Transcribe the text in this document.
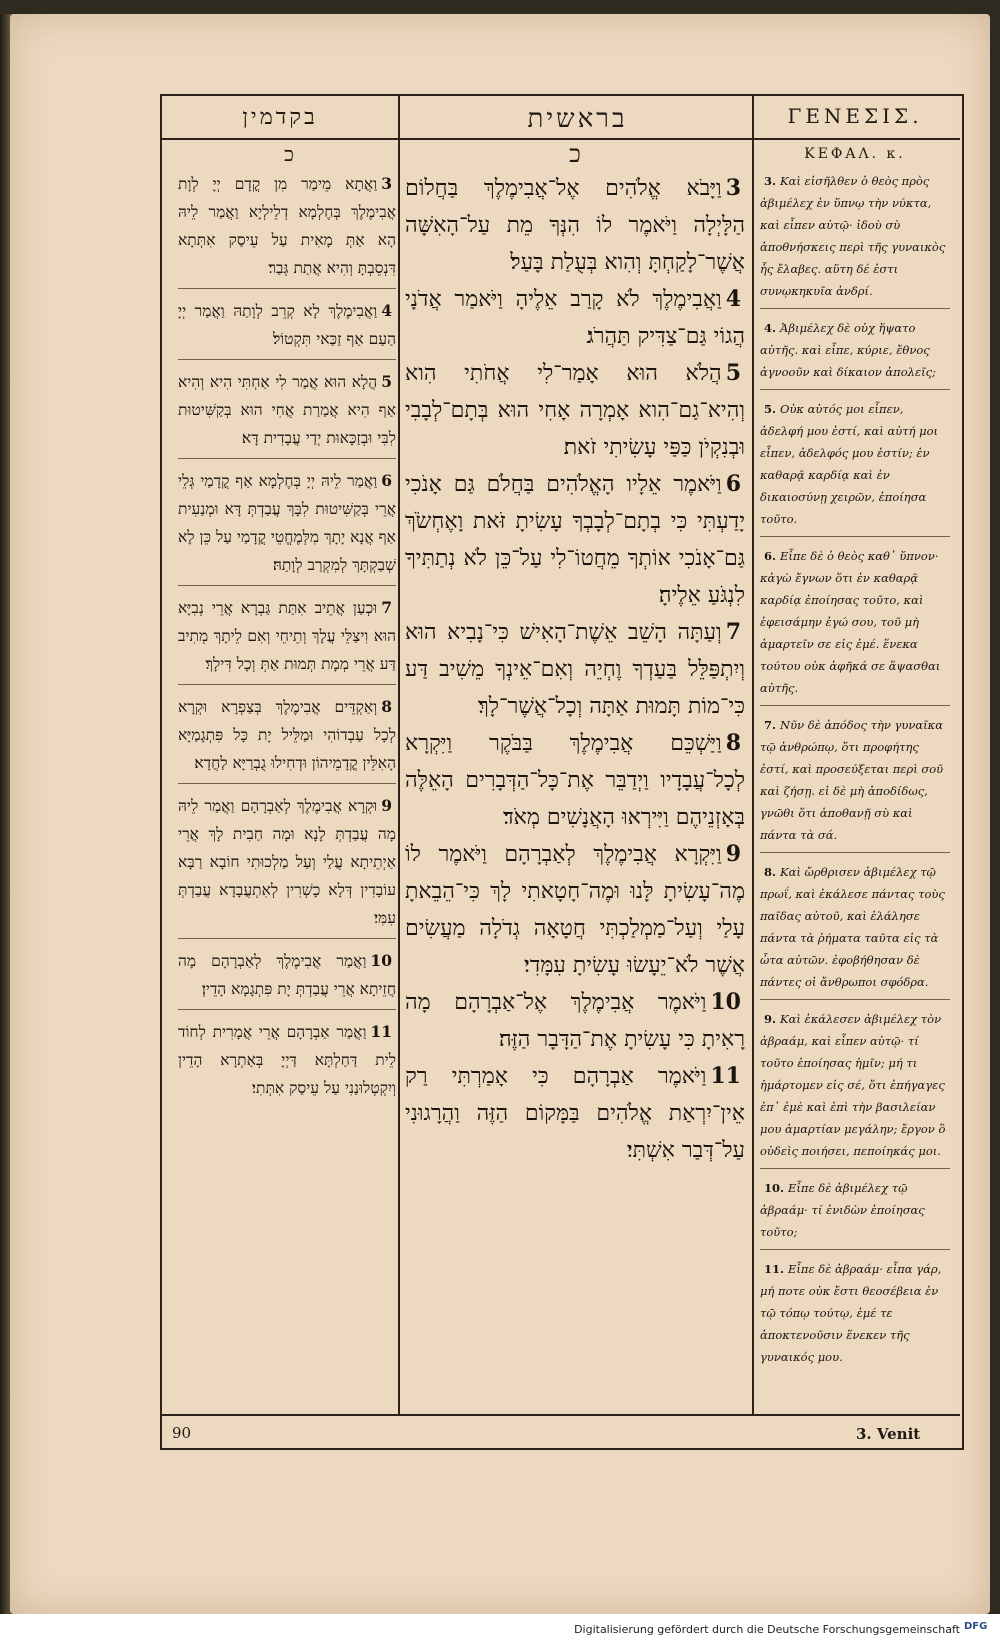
בקדמין	בראשית	ΓΕΝΕΣΙΣ.
כ	כ	ΚΕΦΑΛ. κ.
3וַאֲתָא מֵימַר מִן קֳדָם יְיָ לְוָת אֲבִימֶלֶךְ בְּחֶלְמָא דְלֵילְיָא וַאֲמַר לֵיהּ הָא אַתְּ מָאִית עַל עֵיסַק אִתְּתָא דִּנְסֵבְתָּ וְהִיא אֲתַת גְּבַר׃
4וַאֲבִימֶלֶךְ לָא קְרֵב לְוָתַהּ וַאֲמַר יְיָ הַעַם אַף זַכַּאי תִּקְטוֹל׃
5הֲלָא הוּא אֲמַר לִי אַחְתִּי הִיא וְהִיא אַף הִיא אֲמַרַת אֲחִי הוּא בְּקַשִּׁיטוּת לִבִּי וּבְזַכָּאוּת יְדַי עֲבָדִית דָּא׃
6וַאֲמַר לֵיהּ יְיָ בְּחֶלְמָא אַף קֳדָמַי גְּלֵי אֲרֵי בְּקַשִּׁיטוּת לִבָּךְ עֲבַדְתְּ דָּא וּמְנַעִית אַף אֲנָא יָתָךְ מִלְּמֶחֱטֵי קֳדָמַי עַל כֵּן לָא שְׁבַקְתָּךְ לְמִקְרַב לְוָתַהּ׃
7וּכְעַן אֲתֵיב אִתַּת גַּבְרָא אֲרֵי נְבִיָּא הוּא וִיצַלֵּי עֲלָךְ וְתֵיחֵי וְאִם לֵיתָךְ מְתִיב דַּע אֲרֵי מְמָת תְּמוּת אַתְּ וְכָל דִּילָךְ׃
8וְאַקְדֵּים אֲבִימֶלֶךְ בְּצַפְרָא וּקְרָא לְכָל עַבְדוֹהִי וּמַלֵּיל יָת כָּל פִּתְגָמַיָּא הָאִלֵּין קֳדָמֵיהוֹן וּדְחִילוּ גֻבְרַיָּא לַחֲדָא׃
9וּקְרָא אֲבִימֶלֶךְ לְאַבְרָהָם וַאֲמַר לֵיהּ מָה עֲבַדְתְּ לָנָא וּמָה חַבִית לָךְ אֲרֵי אַיְתֵיתָא עֲלַי וְעַל מַלְכוּתִי חוֹבָא רַבָּא עוֹבָדִין דְּלָא כָשְׁרִין לְאִתְעֲבָדָא עֲבַדְתְּ עִמִּי׃
10וַאֲמַר אֲבִימֶלֶךְ לְאַבְרָהָם מָה חֲזֵיתָא אֲרֵי עֲבַדְתְּ יָת פִּתְגָמָא הָדֵין׃
11וַאֲמַר אַבְרָהָם אֲרֵי אֲמָרִית לְחוֹד לֵית דַּחַלְתָּא דַּיְיָ בְּאַתְרָא הָדֵין וְיִקְטְלוּנַנִי עַל עֵיסַק אִתְּתִי׃
3וַיָּבֹא אֱלֹהִים אֶל־אֲבִימֶלֶךְ בַּחֲלוֹם הַלָּיְלָה וַיֹּאמֶר לוֹ הִנְּךָ מֵת עַל־הָאִשָּׁה אֲשֶׁר־לָקַחְתָּ וְהִוא בְּעֻלַת בָּעַל׃
4וַאֲבִימֶלֶךְ לֹא קָרַב אֵלֶיהָ וַיֹּאמַר אֲדֹנָי הֲגוֹי גַּם־צַדִּיק תַּהֲרֹג׃
5הֲלֹא הוּא אָמַר־לִי אֲחֹתִי הִוא וְהִיא־גַם־הִוא אָמְרָה אָחִי הוּא בְּתָם־לְבָבִי וּבְנִקְיֹן כַּפַּי עָשִׂיתִי זֹאת׃
6וַיֹּאמֶר אֵלָיו הָאֱלֹהִים בַּחֲלֹם גַּם אָנֹכִי יָדַעְתִּי כִּי בְתָם־לְבָבְךָ עָשִׂיתָ זֹּאת וָאֶחְשֹׂךְ גַּם־אָנֹכִי אוֹתְךָ מֵחֲטוֹ־לִי עַל־כֵּן לֹא נְתַתִּיךָ לִנְגֹּעַ אֵלֶיהָ׃
7וְעַתָּה הָשֵׁב אֵשֶׁת־הָאִישׁ כִּי־נָבִיא הוּא וְיִתְפַּלֵּל בַּעַדְךָ וֶחְיֵה וְאִם־אֵינְךָ מֵשִׁיב דַּע כִּי־מוֹת תָּמוּת אַתָּה וְכָל־אֲשֶׁר־לָךְ׃
8וַיַּשְׁכֵּם אֲבִימֶלֶךְ בַּבֹּקֶר וַיִּקְרָא לְכָל־עֲבָדָיו וַיְדַבֵּר אֶת־כָּל־הַדְּבָרִים הָאֵלֶּה בְּאָזְנֵיהֶם וַיִּירְאוּ הָאֲנָשִׁים מְאֹד׃
9וַיִּקְרָא אֲבִימֶלֶךְ לְאַבְרָהָם וַיֹּאמֶר לוֹ מֶה־עָשִׂיתָ לָּנוּ וּמֶה־חָטָאתִי לָךְ כִּי־הֵבֵאתָ עָלַי וְעַל־מַמְלַכְתִּי חֲטָאָה גְדֹלָה מַעֲשִׂים אֲשֶׁר לֹא־יֵעָשׂוּ עָשִׂיתָ עִמָּדִי׃
10וַיֹּאמֶר אֲבִימֶלֶךְ אֶל־אַבְרָהָם מָה רָאִיתָ כִּי עָשִׂיתָ אֶת־הַדָּבָר הַזֶּה׃
11וַיֹּאמֶר אַבְרָהָם כִּי אָמַרְתִּי רַק אֵין־יִרְאַת אֱלֹהִים בַּמָּקוֹם הַזֶּה וַהֲרָגוּנִי עַל־דְּבַר אִשְׁתִּי׃
3. Καὶ εἰσῆλθεν ὁ θεὸς πρὸς ἀβιμέλεχ ἐν ὕπνῳ τὴν νύκτα, καὶ εἶπεν αὐτῷ· ἰδοὺ σὺ ἀποθνήσκεις περὶ τῆς γυναικὸς ἧς ἔλαβες. αὕτη δέ ἐστι συνῳκηκυῖα ἀνδρί.
4. Ἀβιμέλεχ δὲ οὐχ ἥψατο αὐτῆς. καὶ εἶπε, κύριε, ἔθνος ἀγνοοῦν καὶ δίκαιον ἀπολεῖς;
5. Οὐκ αὐτός μοι εἶπεν, ἀδελφή μου ἐστί, καὶ αὐτή μοι εἶπεν, ἀδελφός μου ἐστίν; ἐν καθαρᾷ καρδίᾳ καὶ ἐν δικαιοσύνῃ χειρῶν, ἐποίησα τοῦτο.
6. Εἶπε δὲ ὁ θεὸς καθ᾽ ὕπνον· κἀγὼ ἔγνων ὅτι ἐν καθαρᾷ καρδίᾳ ἐποίησας τοῦτο, καὶ ἐφεισάμην ἐγώ σου, τοῦ μὴ ἁμαρτεῖν σε εἰς ἐμέ. ἕνεκα τούτου οὐκ ἀφῆκά σε ἅψασθαι αὐτῆς.
7. Νῦν δὲ ἀπόδος τὴν γυναῖκα τῷ ἀνθρώπῳ, ὅτι προφήτης ἐστί, καὶ προσεύξεται περὶ σοῦ καὶ ζήσῃ. εἰ δὲ μὴ ἀποδίδως, γνῶθι ὅτι ἀποθανῇ σὺ καὶ πάντα τὰ σά.
8. Καὶ ὤρθρισεν ἀβιμέλεχ τῷ πρωΐ, καὶ ἐκάλεσε πάντας τοὺς παῖδας αὐτοῦ, καὶ ἐλάλησε πάντα τὰ ῥήματα ταῦτα εἰς τὰ ὦτα αὐτῶν. ἐφοβήθησαν δὲ πάντες οἱ ἄνθρωποι σφόδρα.
9. Καὶ ἐκάλεσεν ἀβιμέλεχ τὸν ἀβραάμ, καὶ εἶπεν αὐτῷ· τί τοῦτο ἐποίησας ἡμῖν; μή τι ἡμάρτομεν εἰς σέ, ὅτι ἐπήγαγες ἐπ᾽ ἐμὲ καὶ ἐπὶ τὴν βασιλείαν μου ἁμαρτίαν μεγάλην; ἔργον ὃ οὐδεὶς ποιήσει, πεποίηκάς μοι.
10. Εἶπε δὲ ἀβιμέλεχ τῷ ἀβραάμ· τί ἐνιδὼν ἐποίησας τοῦτο;
11. Εἶπε δὲ ἀβραάμ· εἶπα γάρ, μή ποτε οὐκ ἔστι θεοσέβεια ἐν τῷ τόπῳ τούτῳ, ἐμέ τε ἀποκτενοῦσιν ἕνεκεν τῆς γυναικός μου.
90	3. Venit
Digitalisierung gefördert durch die Deutsche Forschungsgemeinschaft DFG
